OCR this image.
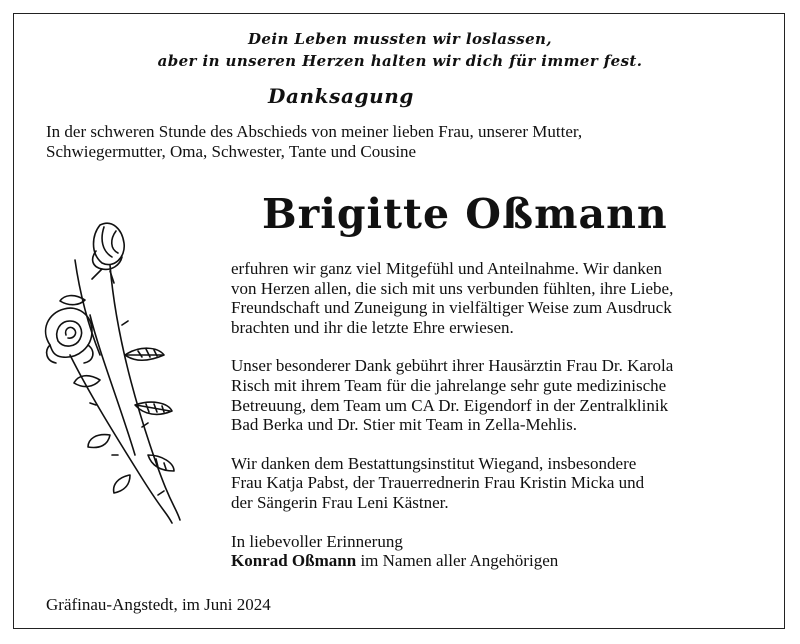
Dein Leben mussten wir loslassen,
aber in unseren Herzen halten wir dich für immer fest.
Danksagung
In der schweren Stunde des Abschieds von meiner lieben Frau, unserer Mutter,
Schwiegermutter, Oma, Schwester, Tante und Cousine
Brigitte Oßmann
erfuhren wir ganz viel Mitgefühl und Anteilnahme. Wir danken
von Herzen allen, die sich mit uns verbunden fühlten, ihre Liebe,
Freundschaft und Zuneigung in vielfältiger Weise zum Ausdruck
brachten und ihr die letzte Ehre erwiesen.
Unser besonderer Dank gebührt ihrer Hausärztin Frau Dr. Karola
Risch mit ihrem Team für die jahrelange sehr gute medizinische
Betreuung, dem Team um CA Dr. Eigendorf in der Zentralklinik
Bad Berka und Dr. Stier mit Team in Zella-Mehlis.
Wir danken dem Bestattungsinstitut Wiegand, insbesondere
Frau Katja Pabst, der Trauerrednerin Frau Kristin Micka und
der Sängerin Frau Leni Kästner.
In liebevoller Erinnerung
Konrad Oßmann im Namen aller Angehörigen
Gräfinau-Angstedt, im Juni 2024
